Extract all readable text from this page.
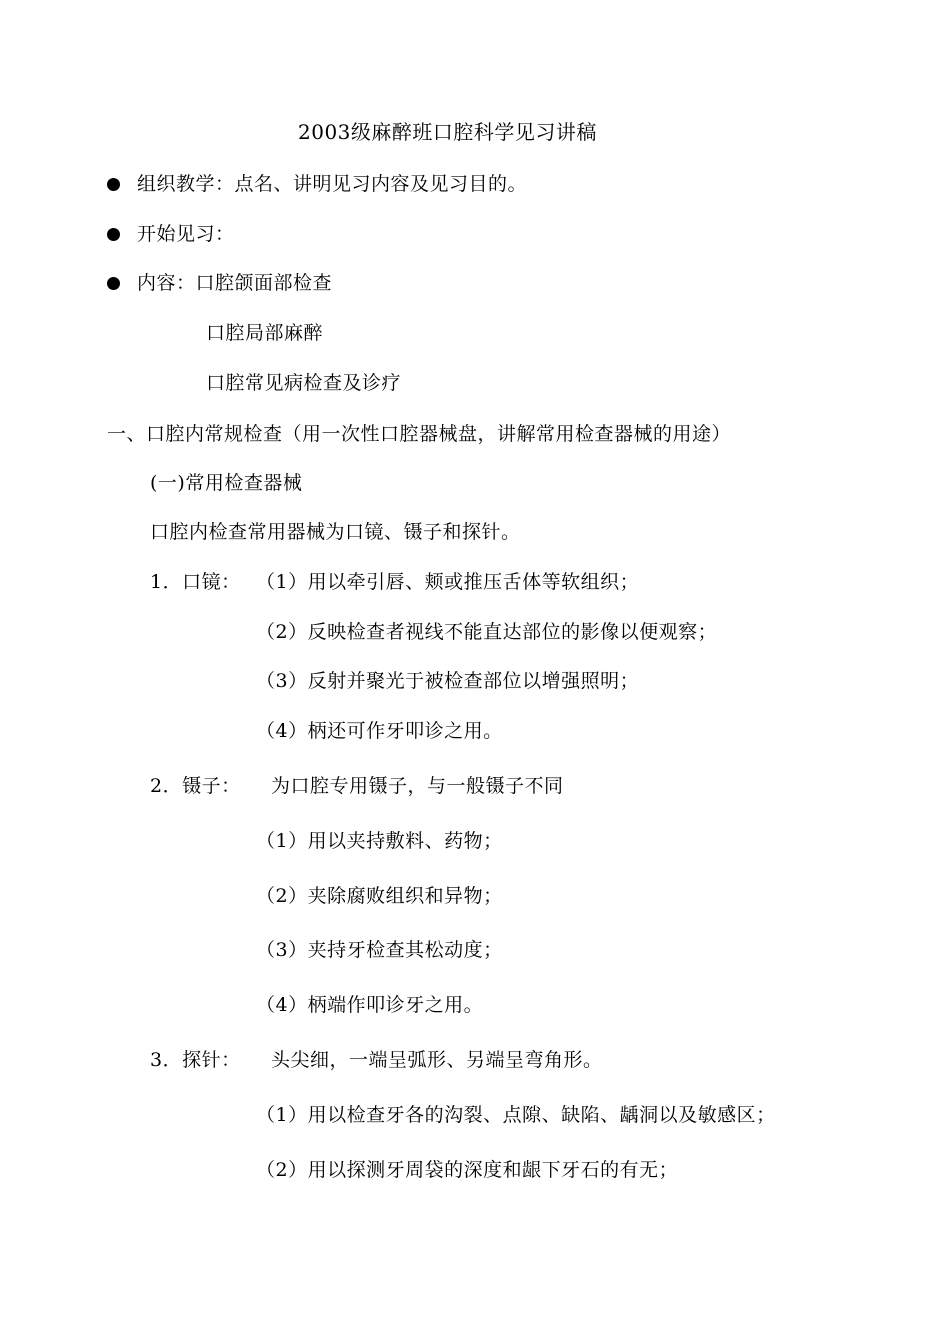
2003级麻醉班口腔科学见习讲稿
组织教学：点名、讲明见习内容及见习目的。
开始见习：
内容：口腔颌面部检查
口腔局部麻醉
口腔常见病检查及诊疗
一、口腔内常规检查（用一次性口腔器械盘，讲解常用检查器械的用途）
(一)常用检查器械
口腔内检查常用器械为口镜、镊子和探针。
1．口镜： （1）用以牵引唇、颊或推压舌体等软组织；
（2）反映检查者视线不能直达部位的影像以便观察；
（3）反射并聚光于被检查部位以增强照明；
（4）柄还可作牙叩诊之用。
2．镊子： 为口腔专用镊子，与一般镊子不同
（1）用以夹持敷料、药物；
（2）夹除腐败组织和异物；
（3）夹持牙检查其松动度；
（4）柄端作叩诊牙之用。
3．探针： 头尖细，一端呈弧形、另端呈弯角形。
（1）用以检查牙各的沟裂、点隙、缺陷、龋洞以及敏感区；
（2）用以探测牙周袋的深度和龈下牙石的有无；
